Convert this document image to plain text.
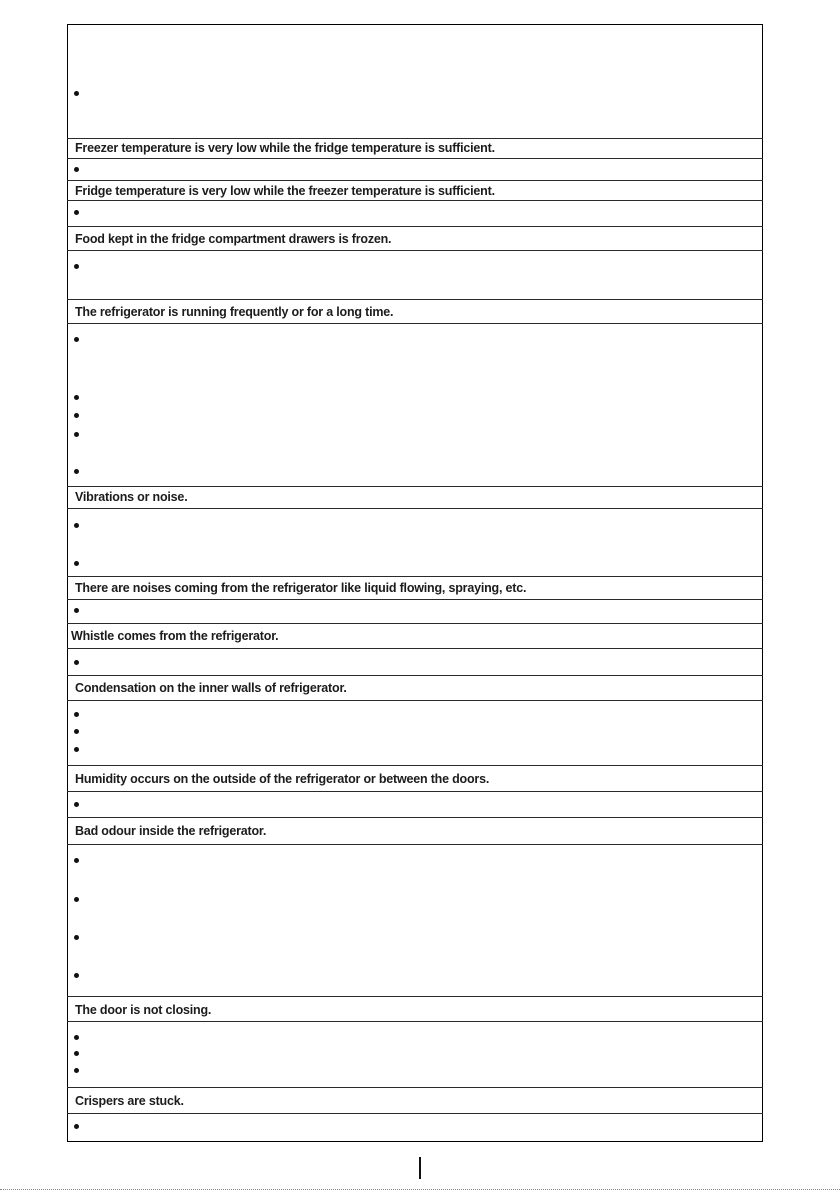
Freezer temperature is very low while the fridge temperature is sufficient.
Fridge temperature is very low while the freezer temperature is sufficient.
Food kept in the fridge compartment drawers is frozen.
The refrigerator is running frequently or for a long time.
Vibrations or noise.
There are noises coming from the refrigerator like liquid flowing, spraying, etc.
Whistle comes from the refrigerator.
Condensation on the inner walls of refrigerator.
Humidity occurs on the outside of the refrigerator or between the doors.
Bad odour inside the refrigerator.
The door is not closing.
Crispers are stuck.
